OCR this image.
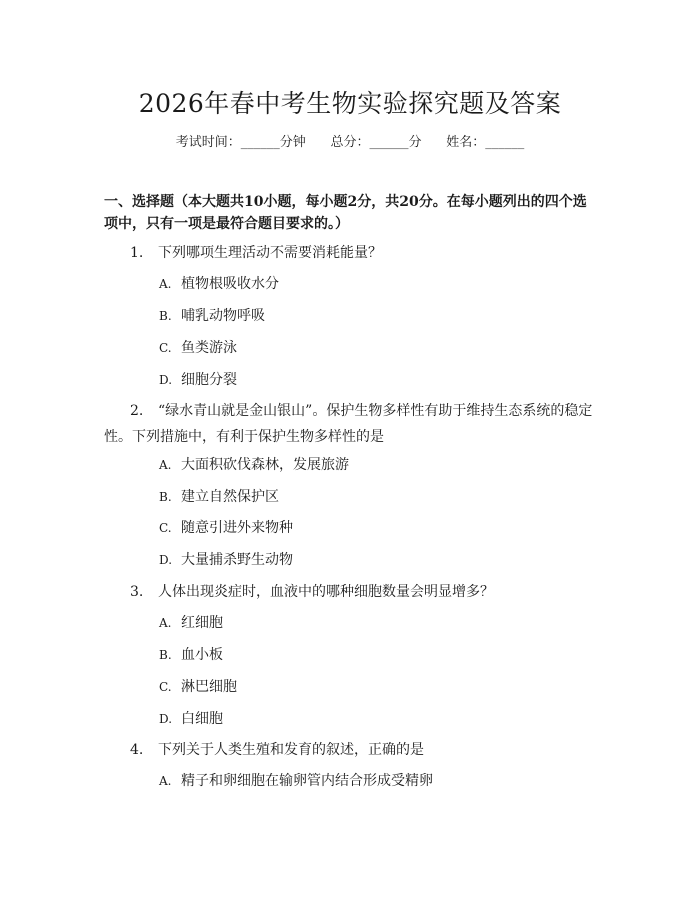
2026年春中考生物实验探究题及答案
考试时间：______分钟      总分：______分      姓名：______
一、选择题（本大题共10小题，每小题2分，共20分。在每小题列出的四个选项中，只有一项是最符合题目要求的。）
1. 下列哪项生理活动不需要消耗能量？
A. 植物根吸收水分
B. 哺乳动物呼吸
C. 鱼类游泳
D. 细胞分裂
2. “绿水青山就是金山银山”。保护生物多样性有助于维持生态系统的稳定性。下列措施中，有利于保护生物多样性的是
A. 大面积砍伐森林，发展旅游
B. 建立自然保护区
C. 随意引进外来物种
D. 大量捕杀野生动物
3. 人体出现炎症时，血液中的哪种细胞数量会明显增多？
A. 红细胞
B. 血小板
C. 淋巴细胞
D. 白细胞
4. 下列关于人类生殖和发育的叙述，正确的是
A. 精子和卵细胞在输卵管内结合形成受精卵
